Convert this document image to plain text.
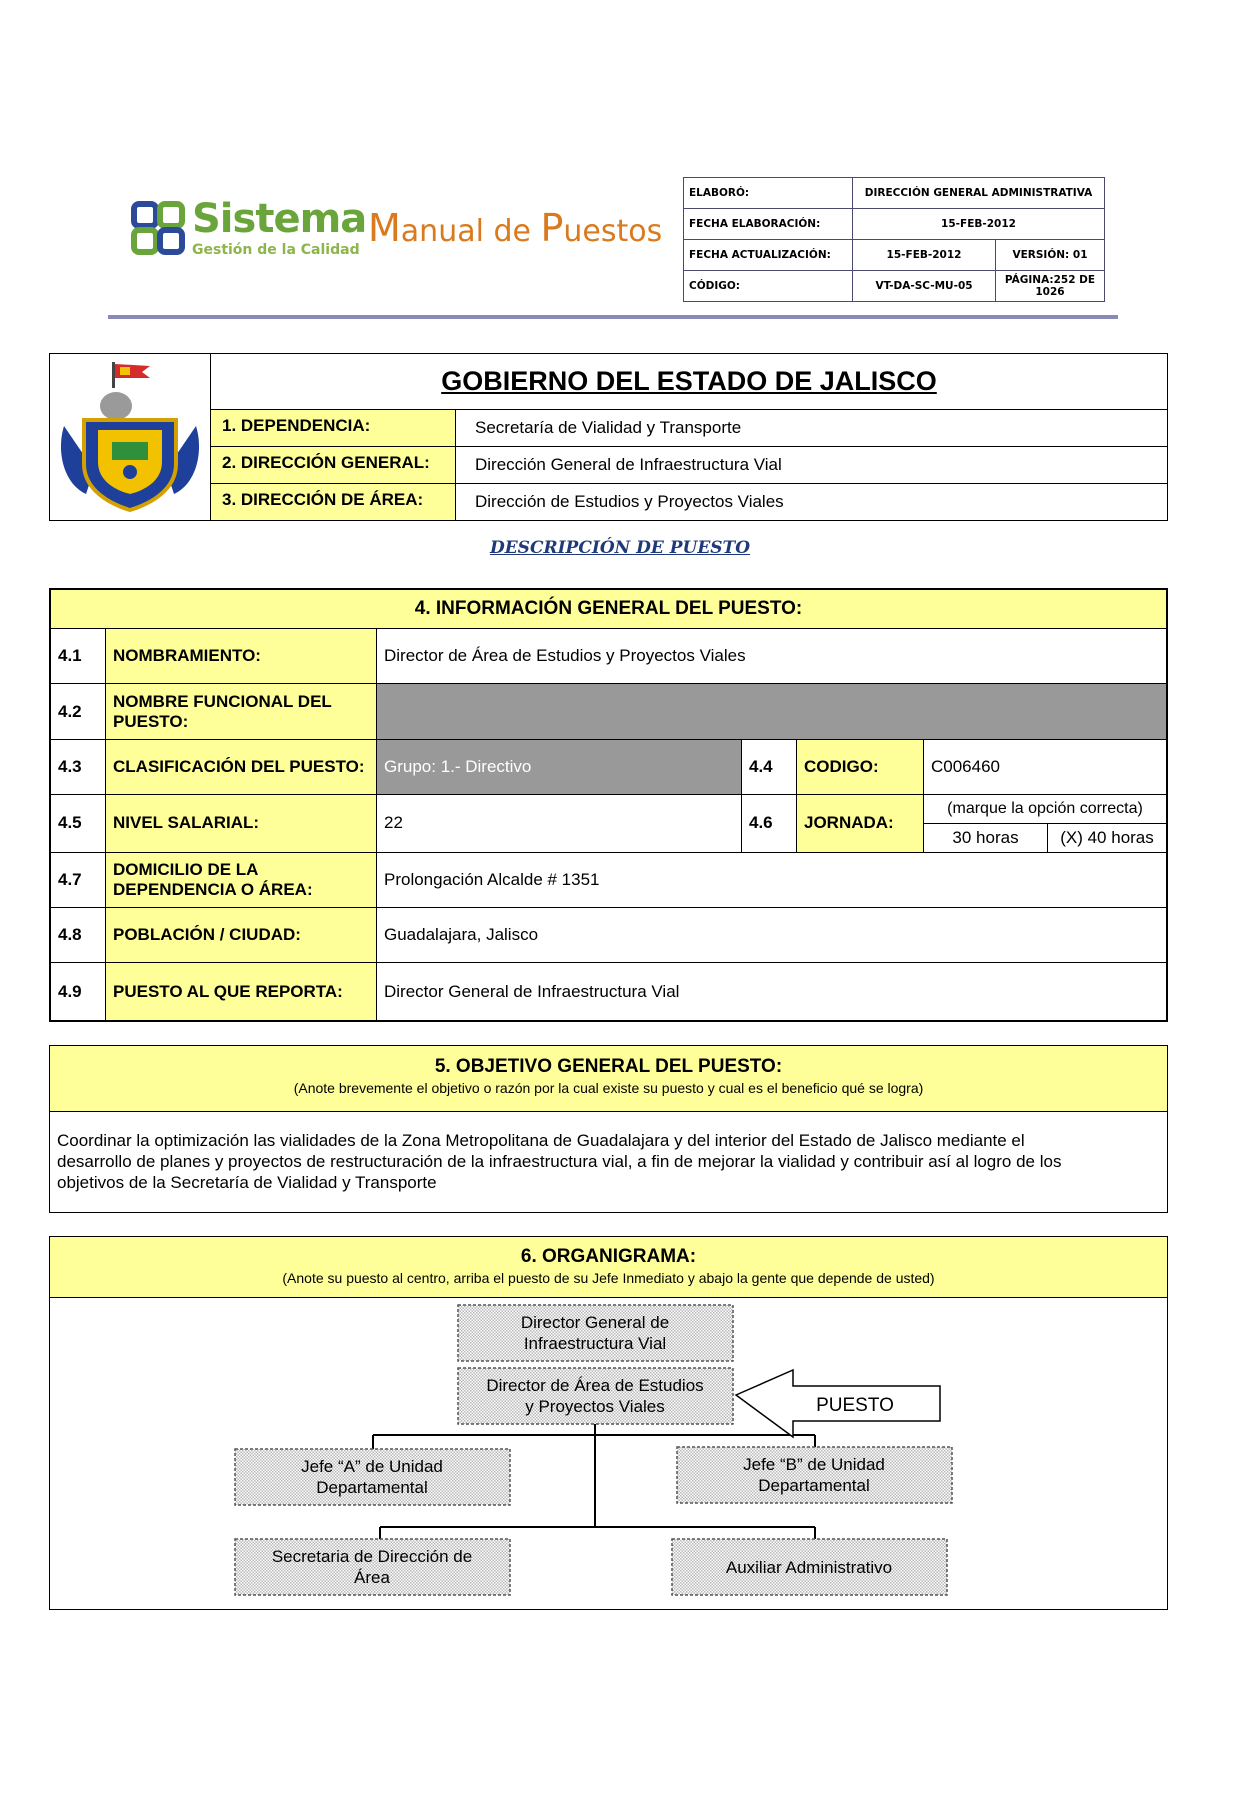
Sistema
Gestión de la Calidad Manual de Puestos
ELABORÓ:	DIRECCIÓN GENERAL ADMINISTRATIVA	
FECHA ELABORACIÓN:	15-FEB-2012	
FECHA ACTUALIZACIÓN:	15-FEB-2012	VERSIÓN: 01
CÓDIGO:	VT-DA-SC-MU-05	PÁGINA:252 DE 1026
GOBIERNO DEL ESTADO DE JALISCO
1. DEPENDENCIA:	Secretaría de Vialidad y Transporte
2. DIRECCIÓN GENERAL:	Dirección General de Infraestructura Vial
3. DIRECCIÓN DE ÁREA:	Dirección de Estudios y Proyectos Viales
DESCRIPCIÓN DE PUESTO
4. INFORMACIÓN GENERAL DEL PUESTO:						
4.1	NOMBRAMIENTO:	Director de Área de Estudios y Proyectos Viales				
4.2	NOMBRE FUNCIONAL DEL PUESTO:					
4.3	CLASIFICACIÓN DEL PUESTO:	Grupo: 1.- Directivo	4.4	CODIGO:	C006460	
4.5	NIVEL SALARIAL:	22	4.6	JORNADA:	(marque la opción correcta)	
					30 horas	(X) 40 horas
4.7	DOMICILIO DE LA DEPENDENCIA O ÁREA:	Prolongación Alcalde # 1351				
4.8	POBLACIÓN / CIUDAD:	Guadalajara, Jalisco				
4.9	PUESTO AL QUE REPORTA:	Director General de Infraestructura Vial				
5. OBJETIVO GENERAL DEL PUESTO:
(Anote brevemente el objetivo o razón por la cual existe su puesto y cual es el beneficio qué se logra)
Coordinar la optimización las vialidades de la Zona Metropolitana de Guadalajara y del interior del Estado de Jalisco mediante el
desarrollo de planes y proyectos de restructuración de la infraestructura vial, a fin de mejorar la vialidad y contribuir así al logro de los
objetivos de la Secretaría de Vialidad y Transporte
6. ORGANIGRAMA:
(Anote su puesto al centro, arriba el puesto de su Jefe Inmediato y abajo la gente que depende de usted)
Director General de
Infraestructura Vial
Director de Área de Estudios
y Proyectos Viales	PUESTO
Jefe “A” de Unidad
Departamental
Jefe “B” de Unidad
Departamental
Secretaria de Dirección de
Área
Auxiliar Administrativo
